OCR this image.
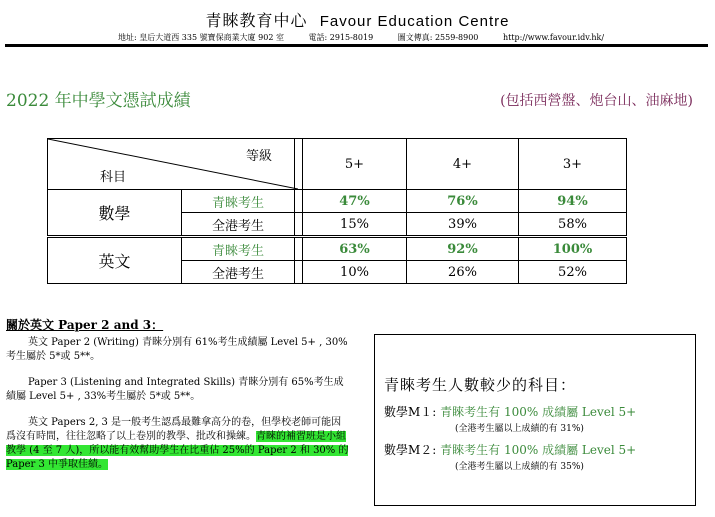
青睞教育中心 Favour Education Centre
地址: 皇后大道西 335 號寶保商業大廈 902 室	電話: 2915-8019	圖文傳真: 2559-8900	http://www.favour.idv.hk/
2022 年中學文憑試成績	(包括西營盤、炮台山、油麻地)
等級
科目			5+	4+	3+
數學	青睞考生		47%	76%	94%
	全港考生		15%	39%	58%
英文	青睞考生		63%	92%	100%
	全港考生		10%	26%	52%
關於英文 Paper 2 and 3：

英文 Paper 2 (Writing) 青睞分別有 61%考生成績屬 Level 5+ , 30%考生屬於 5*或 5**。

Paper 3 (Listening and Integrated Skills) 青睞分別有 65%考生成績屬 Level 5+ , 33%考生屬於 5*或 5**。

英文 Papers 2, 3 是一般考生認爲最難拿高分的卷，但學校老師可能因爲沒有時間，往往忽略了以上卷別的教學、批改和操練。青睞的補習班是小組教學 (4 至 7 人)，所以能有效幫助學生在比重佔 25%的 Paper 2 和 30% 的 Paper 3 中爭取佳績。

青睞考生人數較少的科目：
數學M１: 青睞考生有 100% 成績屬 Level 5+
(全港考生屬以上成績的有 31%)
數學M２: 青睞考生有 100% 成績屬 Level 5+
(全港考生屬以上成績的有 35%)
